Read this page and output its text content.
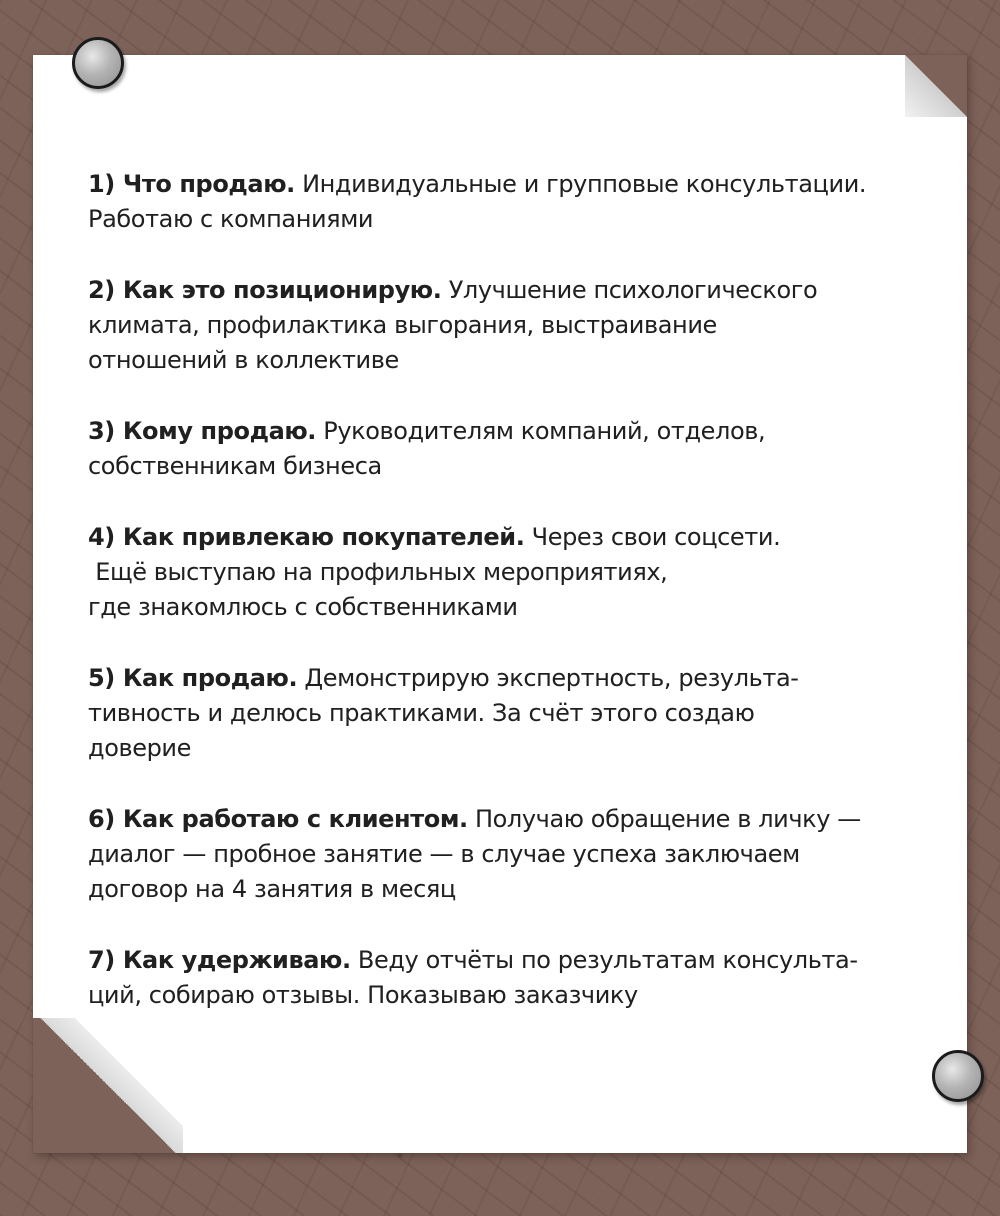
1) Что продаю. Индивидуальные и групповые консультации.

Работаю с компаниями

2) Как это позиционирую. Улучшение психологического

климата, профилактика выгорания, выстраивание

отношений в коллективе

3) Кому продаю. Руководителям компаний, отделов,

собственникам бизнеса

4) Как привлекаю покупателей. Через свои соцсети.

Ещё выступаю на профильных мероприятиях,

где знакомлюсь с собственниками

5) Как продаю. Демонстрирую экспертность, результа-

тивность и делюсь практиками. За счёт этого создаю

доверие

6) Как работаю с клиентом. Получаю обращение в личку —

диалог — пробное занятие — в случае успеха заключаем

договор на 4 занятия в месяц

7) Как удерживаю. Веду отчёты по результатам консульта-

ций, собираю отзывы. Показываю заказчику
